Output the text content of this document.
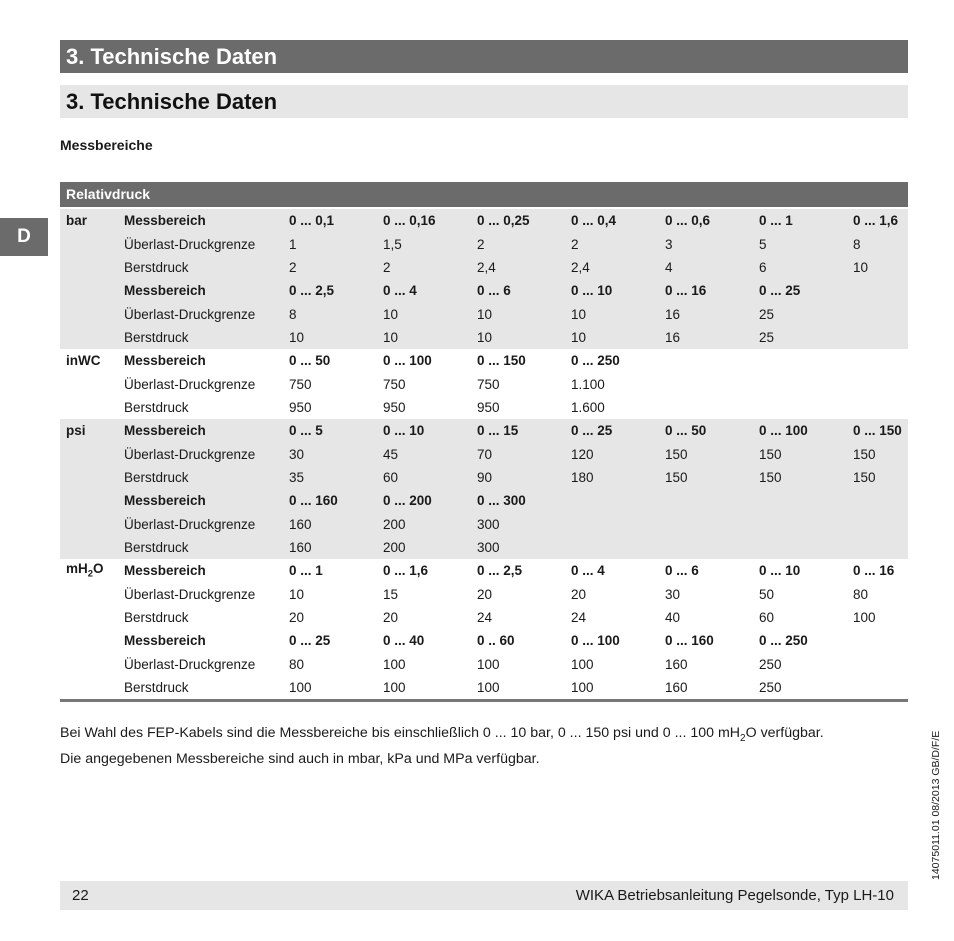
3. Technische Daten
3. Technische Daten
Messbereiche
D
Relativdruck
bar	Messbereich	0 ... 0,1	0 ... 0,16	0 ... 0,25	0 ... 0,4	0 ... 0,6	0 ... 1	0 ... 1,6
	Überlast-Druckgrenze	1	1,5	2	2	3	5	8
	Berstdruck	2	2	2,4	2,4	4	6	10
	Messbereich	0 ... 2,5	0 ... 4	0 ... 6	0 ... 10	0 ... 16	0 ... 25	
	Überlast-Druckgrenze	8	10	10	10	16	25	
	Berstdruck	10	10	10	10	16	25	
inWC	Messbereich	0 ... 50	0 ... 100	0 ... 150	0 ... 250			
	Überlast-Druckgrenze	750	750	750	1.100			
	Berstdruck	950	950	950	1.600			
psi	Messbereich	0 ... 5	0 ... 10	0 ... 15	0 ... 25	0 ... 50	0 ... 100	0 ... 150
	Überlast-Druckgrenze	30	45	70	120	150	150	150
	Berstdruck	35	60	90	180	150	150	150
	Messbereich	0 ... 160	0 ... 200	0 ... 300				
	Überlast-Druckgrenze	160	200	300				
	Berstdruck	160	200	300				
$mH_2O$	Messbereich	0 ... 1	0 ... 1,6	0 ... 2,5	0 ... 4	0 ... 6	0 ... 10	0 ... 16
	Überlast-Druckgrenze	10	15	20	20	30	50	80
	Berstdruck	20	20	24	24	40	60	100
	Messbereich	0 ... 25	0 ... 40	0 .. 60	0 ... 100	0 ... 160	0 ... 250	
	Überlast-Druckgrenze	80	100	100	100	160	250	
	Berstdruck	100	100	100	100	160	250	
Bei Wahl des FEP-Kabels sind die Messbereiche bis einschließlich 0 ... 10 bar, 0 ... 150 psi und 0 ... 100 $mH_2O$ verfügbar.
Die angegebenen Messbereiche sind auch in mbar, kPa und MPa verfügbar.
22	WIKA Betriebsanleitung Pegelsonde, Typ LH-10
14075011.01 08/2013 GB/D/F/E
